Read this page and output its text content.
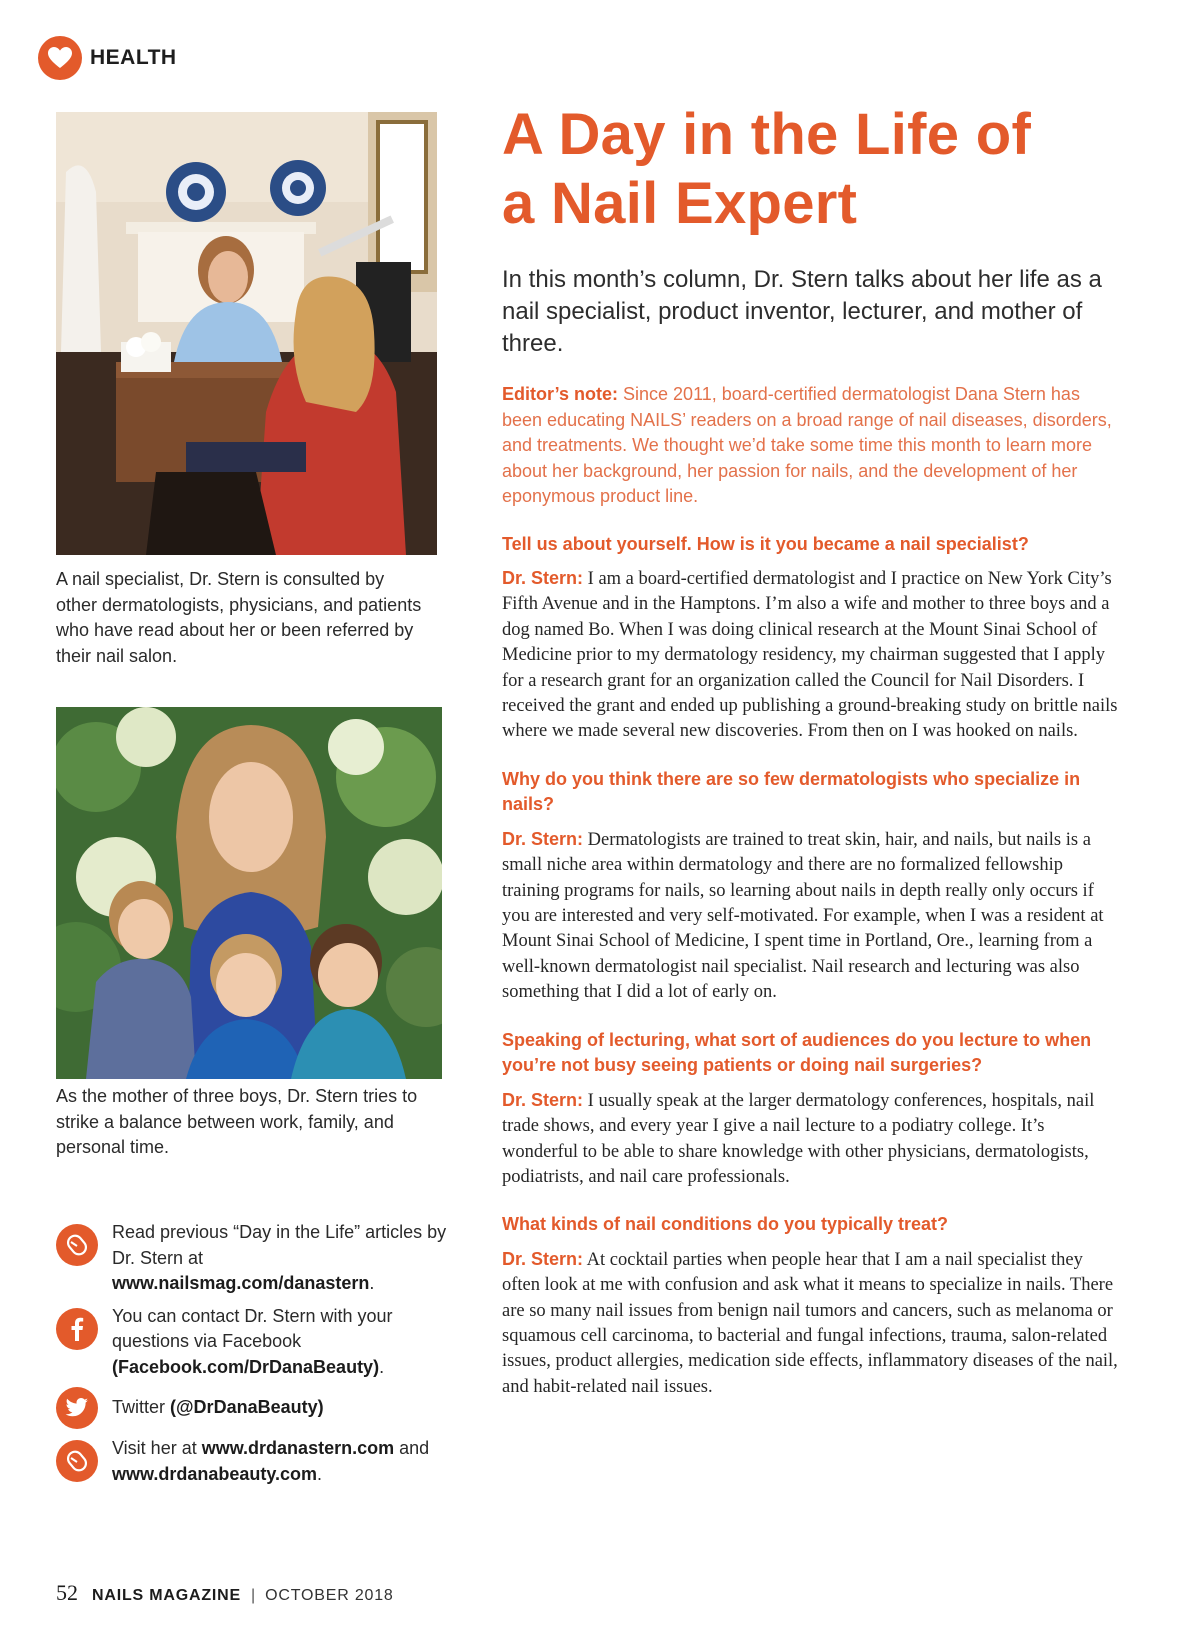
HEALTH
A nail specialist, Dr. Stern is consulted by other dermatologists, physicians, and patients who have read about her or been referred by their nail salon.
As the mother of three boys, Dr. Stern tries to strike a balance between work, family, and personal time.
Read previous “Day in the Life” articles by Dr. Stern at www.nailsmag.com/danastern.
You can contact Dr. Stern with your questions via Facebook (Facebook.com/DrDanaBeauty).
Twitter (@DrDanaBeauty)
Visit her at www.drdanastern.com and www.drdanabeauty.com.
52 NAILS MAGAZINE | OCTOBER 2018
A Day in the Life of
a Nail Expert

In this month’s column, Dr. Stern talks about her life as a nail specialist, product inventor, lecturer, and mother of three.

Editor’s note: Since 2011, board-certified dermatologist Dana Stern has been educating NAILS’ readers on a broad range of nail diseases, disorders, and treatments. We thought we’d take some time this month to learn more about her background, her passion for nails, and the development of her eponymous product line.

Tell us about yourself. How is it you became a nail specialist?

Dr. Stern: I am a board-certified dermatologist and I practice on New York City’s Fifth Avenue and in the Hamptons. I’m also a wife and mother to three boys and a dog named Bo. When I was doing clinical research at the Mount Sinai School of Medicine prior to my dermatology residency, my chairman suggested that I apply for a research grant for an organization called the Council for Nail Disorders. I received the grant and ended up publishing a ground-breaking study on brittle nails where we made several new discoveries. From then on I was hooked on nails.

Why do you think there are so few dermatologists who specialize in nails?

Dr. Stern: Dermatologists are trained to treat skin, hair, and nails, but nails is a small niche area within dermatology and there are no formalized fellowship training programs for nails, so learning about nails in depth really only occurs if you are interested and very self-motivated. For example, when I was a resident at Mount Sinai School of Medicine, I spent time in Portland, Ore., learning from a well-known dermatologist nail specialist. Nail research and lecturing was also something that I did a lot of early on.

Speaking of lecturing, what sort of audiences do you lecture to when you’re not busy seeing patients or doing nail surgeries?

Dr. Stern: I usually speak at the larger dermatology conferences, hospitals, nail trade shows, and every year I give a nail lecture to a podiatry college. It’s wonderful to be able to share knowledge with other physicians, dermatologists, podiatrists, and nail care professionals.

What kinds of nail conditions do you typically treat?

Dr. Stern: At cocktail parties when people hear that I am a nail specialist they often look at me with confusion and ask what it means to specialize in nails. There are so many nail issues from benign nail tumors and cancers, such as melanoma or squamous cell carcinoma, to bacterial and fungal infections, trauma, salon-related issues, product allergies, medication side effects, inflammatory diseases of the nail, and habit-related nail issues.
